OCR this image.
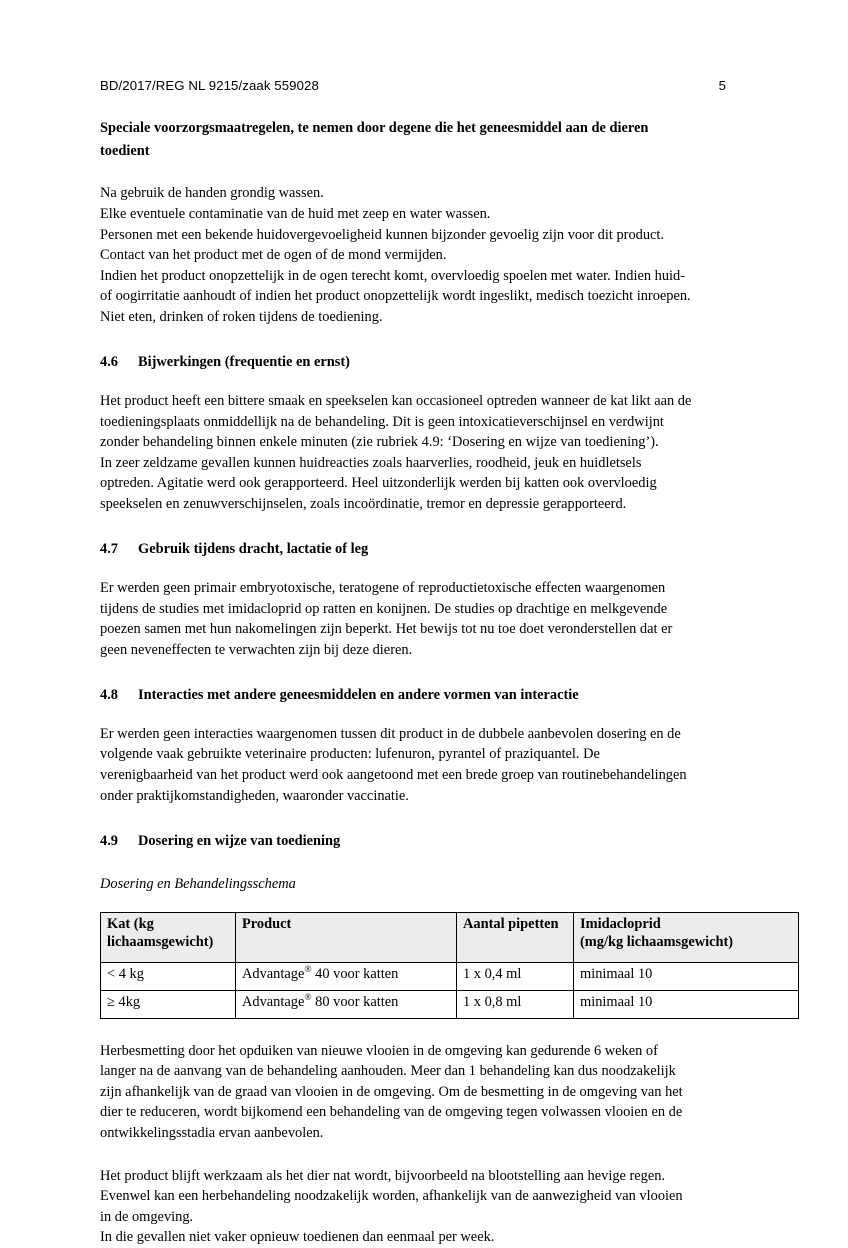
BD/2017/REG NL 9215/zaak 559028	5
Speciale voorzorgsmaatregelen, te nemen door degene die het geneesmiddel aan de dieren
toedient
Na gebruik de handen grondig wassen.
Elke eventuele contaminatie van de huid met zeep en water wassen.
Personen met een bekende huidovergevoeligheid kunnen bijzonder gevoelig zijn voor dit product.
Contact van het product met de ogen of de mond vermijden.
Indien het product onopzettelijk in de ogen terecht komt, overvloedig spoelen met water. Indien huid-
of oogirritatie aanhoudt of indien het product onopzettelijk wordt ingeslikt, medisch toezicht inroepen.
Niet eten, drinken of roken tijdens de toediening.
4.6	Bijwerkingen (frequentie en ernst)
Het product heeft een bittere smaak en speekselen kan occasioneel optreden wanneer de kat likt aan de
toedieningsplaats onmiddellijk na de behandeling. Dit is geen intoxicatieverschijnsel en verdwijnt
zonder behandeling binnen enkele minuten (zie rubriek 4.9: ‘Dosering en wijze van toediening’).
In zeer zeldzame gevallen kunnen huidreacties zoals haarverlies, roodheid, jeuk en huidletsels
optreden. Agitatie werd ook gerapporteerd. Heel uitzonderlijk werden bij katten ook overvloedig
speekselen en zenuwverschijnselen, zoals incoördinatie, tremor en depressie gerapporteerd.
4.7	Gebruik tijdens dracht, lactatie of leg
Er werden geen primair embryotoxische, teratogene of reproductietoxische effecten waargenomen
tijdens de studies met imidacloprid op ratten en konijnen. De studies op drachtige en melkgevende
poezen samen met hun nakomelingen zijn beperkt. Het bewijs tot nu toe doet veronderstellen dat er
geen neveneffecten te verwachten zijn bij deze dieren.
4.8	Interacties met andere geneesmiddelen en andere vormen van interactie
Er werden geen interacties waargenomen tussen dit product in de dubbele aanbevolen dosering en de
volgende vaak gebruikte veterinaire producten: lufenuron, pyrantel of praziquantel. De
verenigbaarheid van het product werd ook aangetoond met een brede groep van routinebehandelingen
onder praktijkomstandigheden, waaronder vaccinatie.
4.9	Dosering en wijze van toediening
Dosering en Behandelingsschema
Kat (kg
lichaamsgewicht)	Product	Aantal pipetten	Imidacloprid
(mg/kg lichaamsgewicht)

< 4 kg	Advantage® 40 voor katten	1 x 0,4 ml	minimaal 10
≥ 4kg	Advantage® 80 voor katten	1 x 0,8 ml	minimaal 10
Herbesmetting door het opduiken van nieuwe vlooien in de omgeving kan gedurende 6 weken of
langer na de aanvang van de behandeling aanhouden. Meer dan 1 behandeling kan dus noodzakelijk
zijn afhankelijk van de graad van vlooien in de omgeving. Om de besmetting in de omgeving van het
dier te reduceren, wordt bijkomend een behandeling van de omgeving tegen volwassen vlooien en de
ontwikkelingsstadia ervan aanbevolen.
Het product blijft werkzaam als het dier nat wordt, bijvoorbeeld na blootstelling aan hevige regen.
Evenwel kan een herbehandeling noodzakelijk worden, afhankelijk van de aanwezigheid van vlooien
in de omgeving.
In die gevallen niet vaker opnieuw toedienen dan eenmaal per week.
